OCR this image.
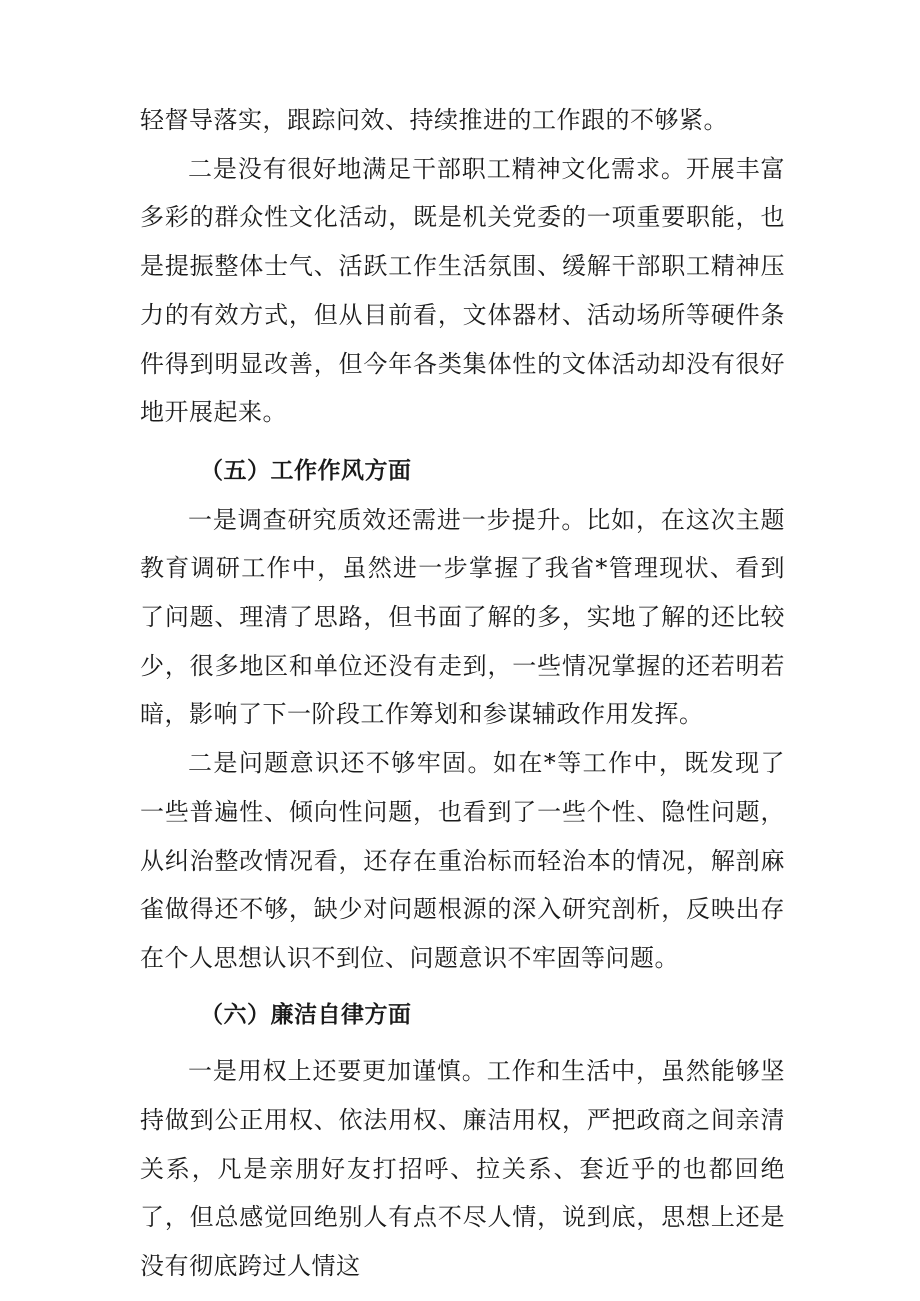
轻督导落实，跟踪问效、持续推进的工作跟的不够紧。

二是没有很好地满足干部职工精神文化需求。开展丰富多彩的群众性文化活动，既是机关党委的一项重要职能，也是提振整体士气、活跃工作生活氛围、缓解干部职工精神压力的有效方式，但从目前看，文体器材、活动场所等硬件条件得到明显改善，但今年各类集体性的文体活动却没有很好地开展起来。

（五）工作作风方面

一是调查研究质效还需进一步提升。比如，在这次主题教育调研工作中，虽然进一步掌握了我省*管理现状、看到了问题、理清了思路，但书面了解的多，实地了解的还比较少，很多地区和单位还没有走到，一些情况掌握的还若明若暗，影响了下一阶段工作筹划和参谋辅政作用发挥。

二是问题意识还不够牢固。如在*等工作中，既发现了一些普遍性、倾向性问题，也看到了一些个性、隐性问题，从纠治整改情况看，还存在重治标而轻治本的情况，解剖麻雀做得还不够，缺少对问题根源的深入研究剖析，反映出存在个人思想认识不到位、问题意识不牢固等问题。

（六）廉洁自律方面

一是用权上还要更加谨慎。工作和生活中，虽然能够坚持做到公正用权、依法用权、廉洁用权，严把政商之间亲清关系，凡是亲朋好友打招呼、拉关系、套近乎的也都回绝了，但总感觉回绝别人有点不尽人情，说到底，思想上还是没有彻底跨过人情这
